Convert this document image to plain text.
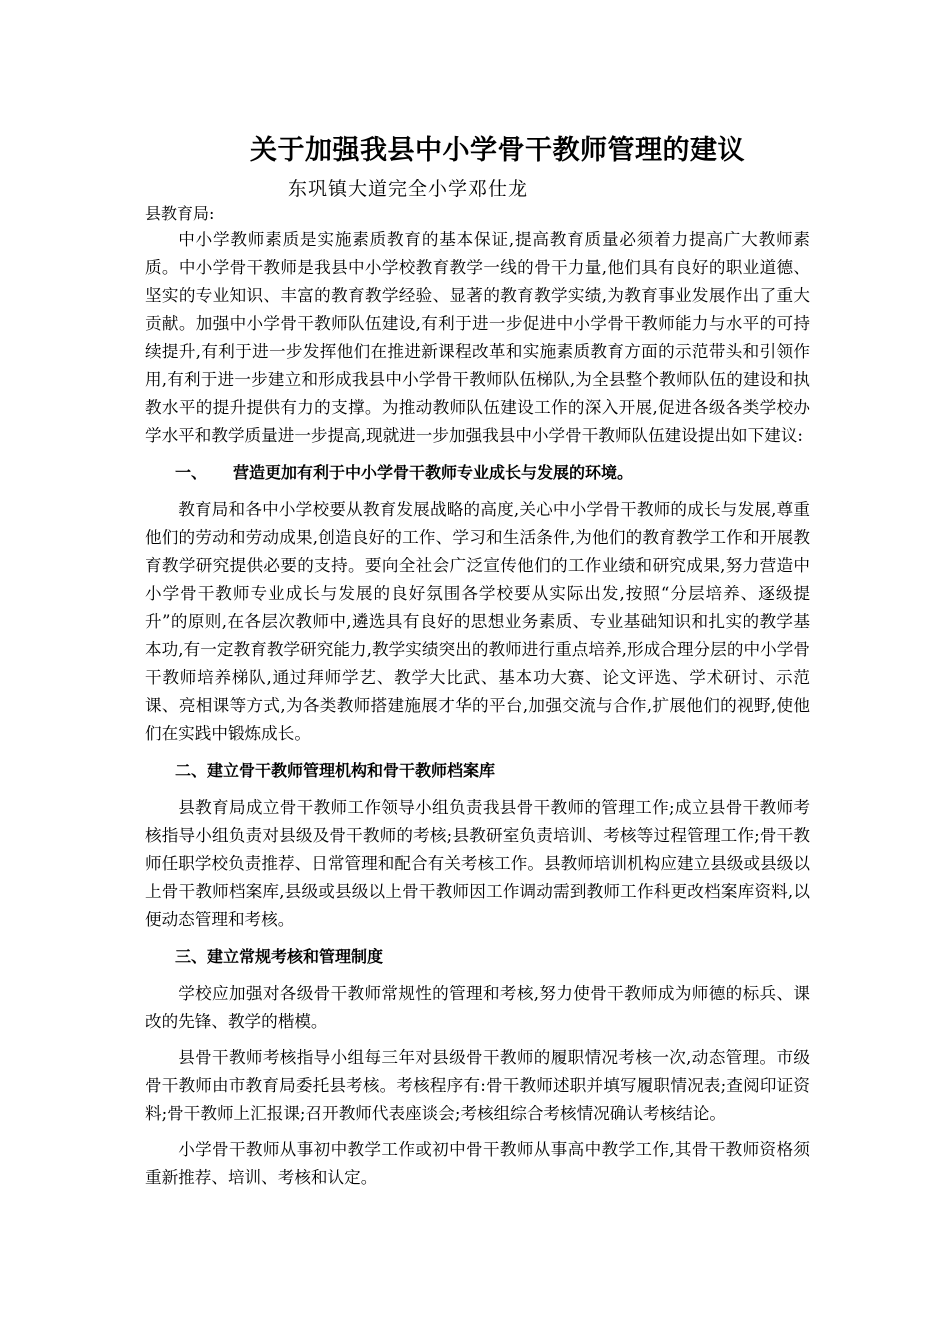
关于加强我县中小学骨干教师管理的建议

东巩镇大道完全小学邓仕龙

县教育局:

中小学教师素质是实施素质教育的基本保证,提高教育质量必须着力提高广大教师素质。中小学骨干教师是我县中小学校教育教学一线的骨干力量,他们具有良好的职业道德、坚实的专业知识、丰富的教育教学经验、显著的教育教学实绩,为教育事业发展作出了重大贡献。加强中小学骨干教师队伍建设,有利于进一步促进中小学骨干教师能力与水平的可持续提升,有利于进一步发挥他们在推进新课程改革和实施素质教育方面的示范带头和引领作用,有利于进一步建立和形成我县中小学骨干教师队伍梯队,为全县整个教师队伍的建设和执教水平的提升提供有力的支撑。为推动教师队伍建设工作的深入开展,促进各级各类学校办学水平和教学质量进一步提高,现就进一步加强我县中小学骨干教师队伍建设提出如下建议:

一、 营造更加有利于中小学骨干教师专业成长与发展的环境。

教育局和各中小学校要从教育发展战略的高度,关心中小学骨干教师的成长与发展,尊重他们的劳动和劳动成果,创造良好的工作、学习和生活条件,为他们的教育教学工作和开展教育教学研究提供必要的支持。要向全社会广泛宣传他们的工作业绩和研究成果,努力营造中小学骨干教师专业成长与发展的良好氛围各学校要从实际出发,按照“分层培养、逐级提升”的原则,在各层次教师中,遴选具有良好的思想业务素质、专业基础知识和扎实的教学基本功,有一定教育教学研究能力,教学实绩突出的教师进行重点培养,形成合理分层的中小学骨干教师培养梯队,通过拜师学艺、教学大比武、基本功大赛、论文评选、学术研讨、示范课、亮相课等方式,为各类教师搭建施展才华的平台,加强交流与合作,扩展他们的视野,使他们在实践中锻炼成长。

二、建立骨干教师管理机构和骨干教师档案库

县教育局成立骨干教师工作领导小组负责我县骨干教师的管理工作;成立县骨干教师考核指导小组负责对县级及骨干教师的考核;县教研室负责培训、考核等过程管理工作;骨干教师任职学校负责推荐、日常管理和配合有关考核工作。县教师培训机构应建立县级或县级以上骨干教师档案库,县级或县级以上骨干教师因工作调动需到教师工作科更改档案库资料,以便动态管理和考核。

三、建立常规考核和管理制度

学校应加强对各级骨干教师常规性的管理和考核,努力使骨干教师成为师德的标兵、课改的先锋、教学的楷模。

县骨干教师考核指导小组每三年对县级骨干教师的履职情况考核一次,动态管理。市级骨干教师由市教育局委托县考核。考核程序有:骨干教师述职并填写履职情况表;查阅印证资料;骨干教师上汇报课;召开教师代表座谈会;考核组综合考核情况确认考核结论。

小学骨干教师从事初中教学工作或初中骨干教师从事高中教学工作,其骨干教师资格须重新推荐、培训、考核和认定。
